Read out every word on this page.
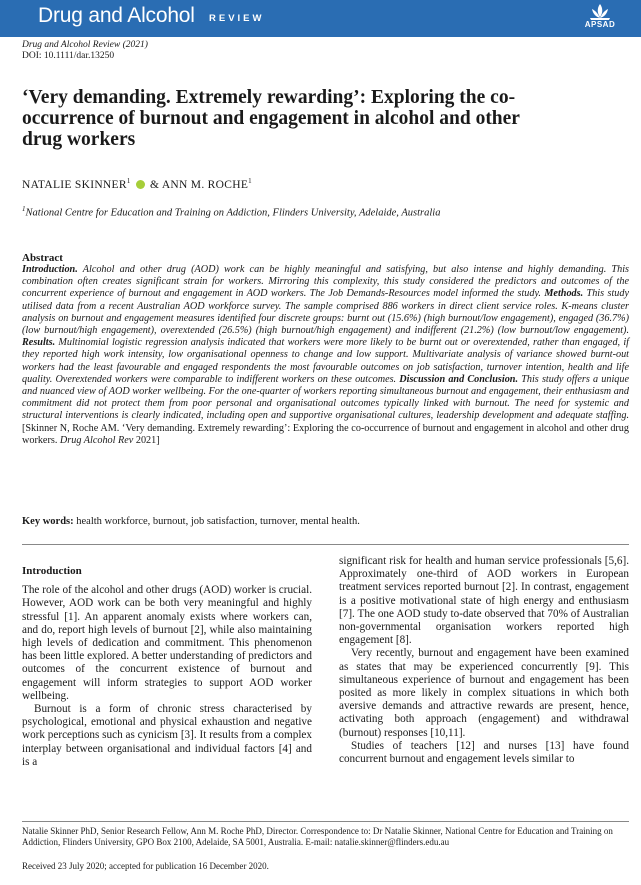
Drug and Alcohol REVIEW
APSAD
Drug and Alcohol Review (2021)
DOI: 10.1111/dar.13250
‘Very demanding. Extremely rewarding’: Exploring the co-occurrence of burnout and engagement in alcohol and other drug workers
NATALIE SKINNER$^1$ & ANN M. ROCHE$^1$
$^1$National Centre for Education and Training on Addiction, Flinders University, Adelaide, Australia
Abstract
Introduction. Alcohol and other drug (AOD) work can be highly meaningful and satisfying, but also intense and highly demanding. This combination often creates significant strain for workers. Mirroring this complexity, this study considered the predictors and outcomes of the concurrent experience of burnout and engagement in AOD workers. The Job Demands-Resources model informed the study. Methods. This study utilised data from a recent Australian AOD workforce survey. The sample comprised 886 workers in direct client service roles. K-means cluster analysis on burnout and engagement measures identified four discrete groups: burnt out (15.6%) (high burnout/low engagement), engaged (36.7%) (low burnout/high engagement), overextended (26.5%) (high burnout/high engagement) and indifferent (21.2%) (low burnout/low engagement). Results. Multinomial logistic regression analysis indicated that workers were more likely to be burnt out or overextended, rather than engaged, if they reported high work intensity, low organisational openness to change and low support. Multivariate analysis of variance showed burnt-out workers had the least favourable and engaged respondents the most favourable outcomes on job satisfaction, turnover intention, health and life quality. Overextended workers were comparable to indifferent workers on these outcomes. Discussion and Conclusion. This study offers a unique and nuanced view of AOD worker wellbeing. For the one-quarter of workers reporting simultaneous burnout and engagement, their enthusiasm and commitment did not protect them from poor personal and organisational outcomes typically linked with burnout. The need for systemic and structural interventions is clearly indicated, including open and supportive organisational cultures, leadership development and adequate staffing. [Skinner N, Roche AM. ‘Very demanding. Extremely rewarding’: Exploring the co-occurrence of burnout and engagement in alcohol and other drug workers. Drug Alcohol Rev 2021]
Key words: health workforce, burnout, job satisfaction, turnover, mental health.
Introduction

The role of the alcohol and other drugs (AOD) worker is crucial. However, AOD work can be both very meaningful and highly stressful [1]. An apparent anomaly exists where workers can, and do, report high levels of burnout [2], while also maintaining high levels of dedication and commitment. This phenomenon has been little explored. A better understanding of predictors and outcomes of the concurrent existence of burnout and engagement will inform strategies to support AOD worker wellbeing.

Burnout is a form of chronic stress characterised by psychological, emotional and physical exhaustion and negative work perceptions such as cynicism [3]. It results from a complex interplay between organisational and individual factors [4] and is a

significant risk for health and human service professionals [5,6]. Approximately one-third of AOD workers in European treatment services reported burnout [2]. In contrast, engagement is a positive motivational state of high energy and enthusiasm [7]. The one AOD study to-date observed that 70% of Australian non-governmental organisation workers reported high engagement [8].

Very recently, burnout and engagement have been examined as states that may be experienced concurrently [9]. This simultaneous experience of burnout and engagement has been posited as more likely in complex situations in which both aversive demands and attractive rewards are present, hence, activating both approach (engagement) and withdrawal (burnout) responses [10,11].

Studies of teachers [12] and nurses [13] have found concurrent burnout and engagement levels similar to

Natalie Skinner PhD, Senior Research Fellow, Ann M. Roche PhD, Director. Correspondence to: Dr Natalie Skinner, National Centre for Education and Training on Addiction, Flinders University, GPO Box 2100, Adelaide, SA 5001, Australia. E-mail: natalie.skinner@flinders.edu.au
Received 23 July 2020; accepted for publication 16 December 2020.
